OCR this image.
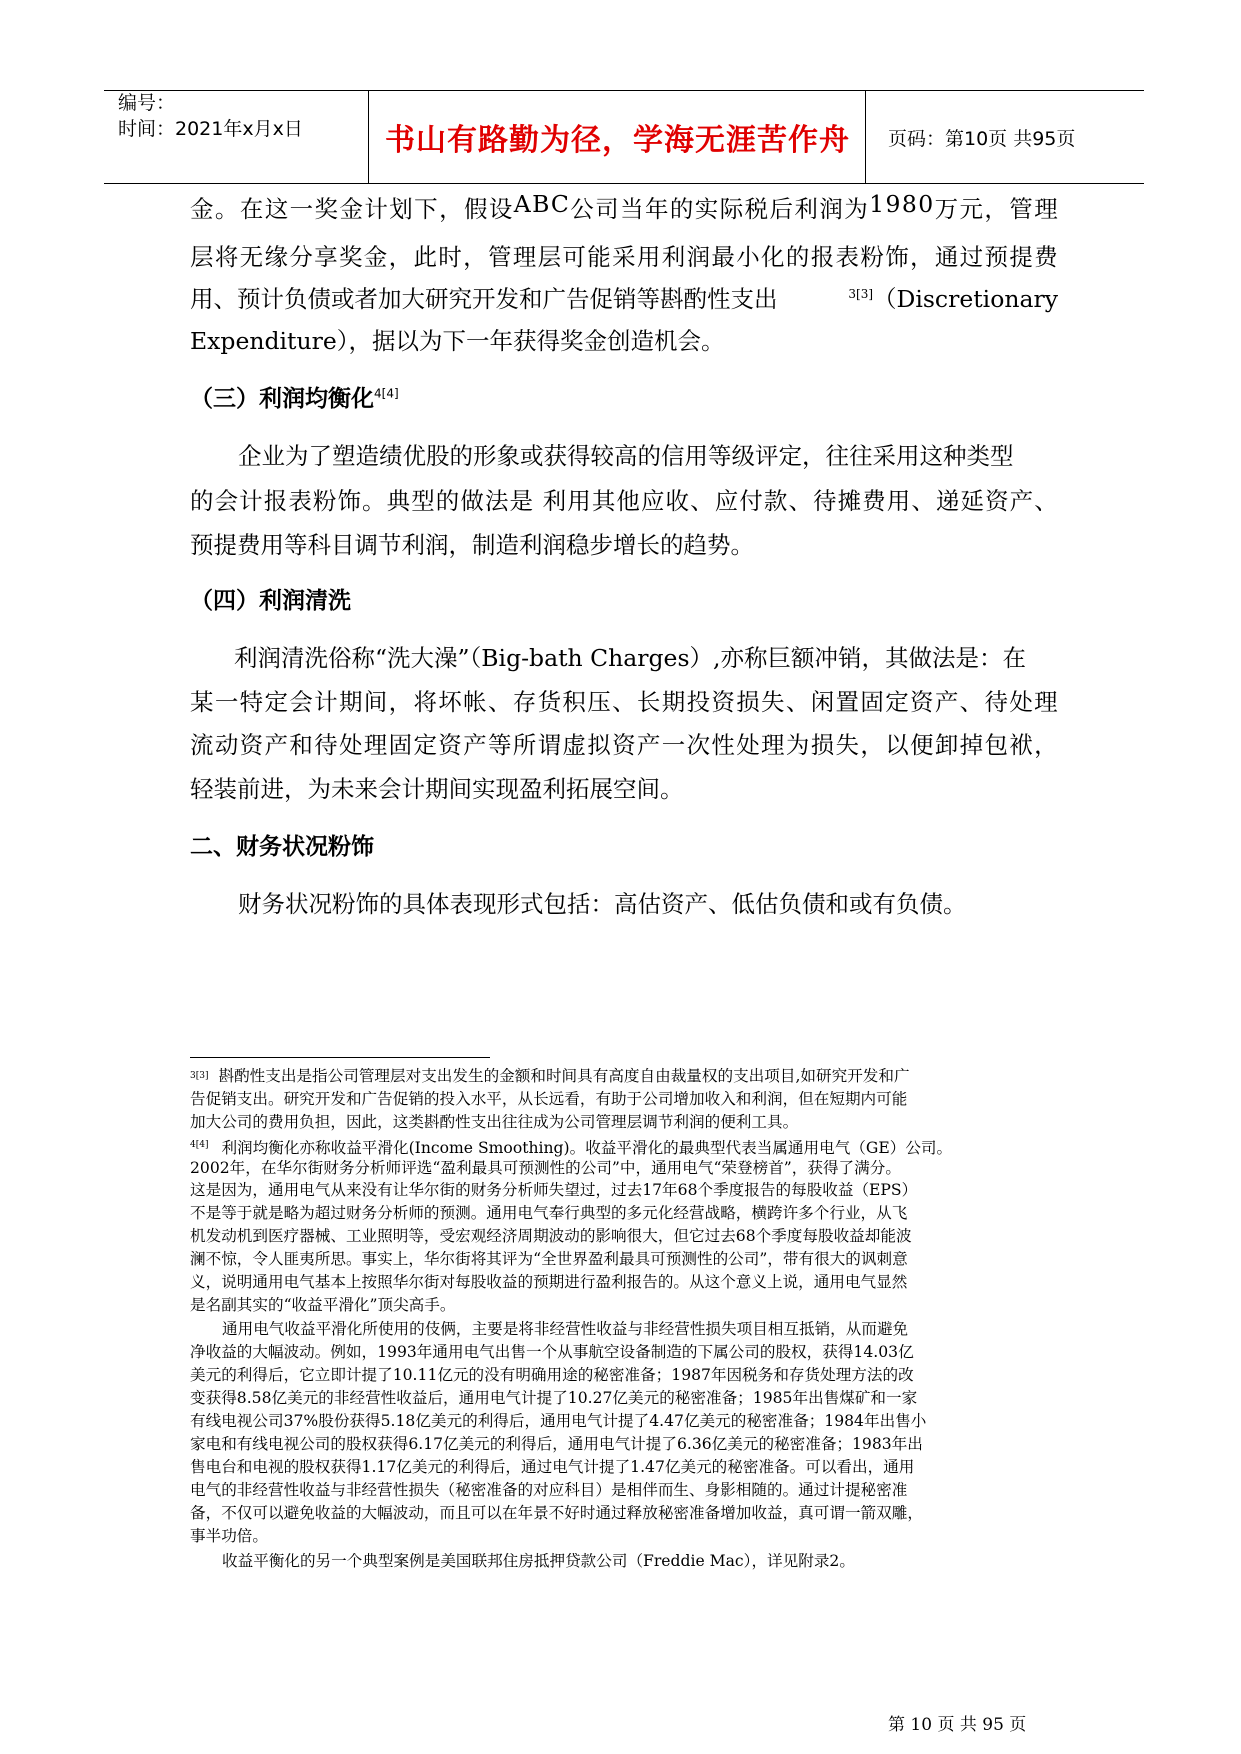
编号：
时间：2021年x月x日	书山有路勤为径，学海无涯苦作舟 页码：第10页 共95页
金 。 在 这 一 奖 金 计 划 下 ， 假 设 A B C 公 司 当 年 的 实 际 税 后 利 润 为 1 9 8 0 万 元 ， 管 理
层 将 无 缘 分 享 奖 金 ， 此 时 ， 管 理 层 可 能 采 用 利 润 最 小 化 的 报 表 粉 饰 ， 通 过 预 提 费
用、预计负债或者加大研究开发和广告促销等斟酌性支出	$^{3[3]}$（Discretionary
Expenditure），据以为下一年获得奖金创造机会。
（三）利润均衡化$^{4[4]}$
企业为了塑造绩优股的形象或获得较高的信用等级评定，往往采用这种类型
的 会 计 报 表 粉 饰 。 典 型 的 做 法 是
利 用 其 他 应 收 、 应 付 款 、 待 摊 费 用 、 递 延 资 产 、
预提费用等科目调节利润，制造利润稳步增长的趋势。
（四）利润清洗
利润清洗俗称“洗大澡”（Big-bath Charges）,亦称巨额冲销，其做法是：在
某 一 特 定 会 计 期 间 ， 将 坏 帐 、 存 货 积 压 、 长 期 投 资 损 失 、 闲 置 固 定 资 产 、 待 处 理
流 动 资 产 和 待 处 理 固 定 资 产 等 所 谓 虚 拟 资 产 一 次 性 处 理 为 损 失 ， 以 便 卸 掉 包 袱 ，
轻装前进，为未来会计期间实现盈利拓展空间。
二、财务状况粉饰
财务状况粉饰的具体表现形式包括：高估资产、低估负债和或有负债。
3[3] 斟酌性支出是指公司管理层对支出发生的金额和时间具有高度自由裁量权的支出项目,如研究开发和广
告促销支出。研究开发和广告促销的投入水平，从长远看，有助于公司增加收入和利润，但在短期内可能
加大公司的费用负担，因此，这类斟酌性支出往往成为公司管理层调节利润的便利工具。
$^{4[4]}$ 利润均衡化亦称收益平滑化(Income Smoothing)。收益平滑化的最典型代表当属通用电气（GE）公司。
2002年，在华尔街财务分析师评选“盈利最具可预测性的公司”中，通用电气“荣登榜首”，获得了满分。
这是因为，通用电气从来没有让华尔街的财务分析师失望过，过去17年68个季度报告的每股收益（EPS）
不是等于就是略为超过财务分析师的预测。通用电气奉行典型的多元化经营战略，横跨许多个行业，从飞
机发动机到医疗器械、工业照明等，受宏观经济周期波动的影响很大，但它过去68个季度每股收益却能波
澜不惊，令人匪夷所思。事实上，华尔街将其评为“全世界盈利最具可预测性的公司”，带有很大的讽刺意
义，说明通用电气基本上按照华尔街对每股收益的预期进行盈利报告的。从这个意义上说，通用电气显然
是名副其实的“收益平滑化”顶尖高手。
通用电气收益平滑化所使用的伎俩，主要是将非经营性收益与非经营性损失项目相互抵销，从而避免
净收益的大幅波动。例如，1993年通用电气出售一个从事航空设备制造的下属公司的股权，获得14.03亿
美元的利得后，它立即计提了10.11亿元的没有明确用途的秘密准备；1987年因税务和存货处理方法的改
变获得8.58亿美元的非经营性收益后，通用电气计提了10.27亿美元的秘密准备；1985年出售煤矿和一家
有线电视公司37%股份获得5.18亿美元的利得后，通用电气计提了4.47亿美元的秘密准备；1984年出售小
家电和有线电视公司的股权获得6.17亿美元的利得后，通用电气计提了6.36亿美元的秘密准备；1983年出
售电台和电视的股权获得1.17亿美元的利得后，通过电气计提了1.47亿美元的秘密准备。可以看出，通用
电气的非经营性收益与非经营性损失（秘密准备的对应科目）是相伴而生、身影相随的。通过计提秘密准
备，不仅可以避免收益的大幅波动，而且可以在年景不好时通过释放秘密准备增加收益，真可谓一箭双雕，
事半功倍。
收益平衡化的另一个典型案例是美国联邦住房抵押贷款公司（Freddie Mac），详见附录2。
第 10 页 共 95 页
